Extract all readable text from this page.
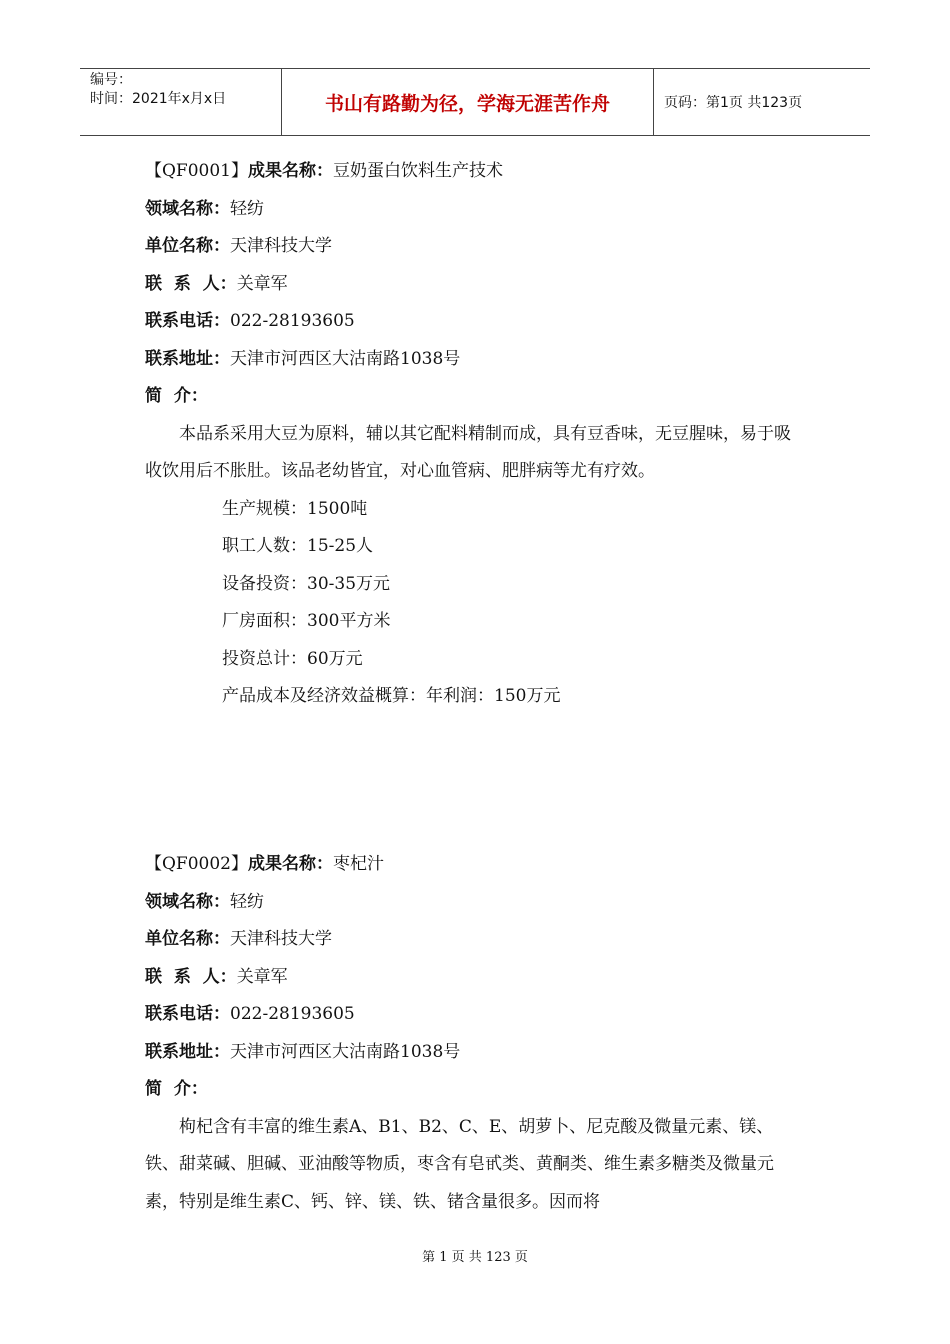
编号：
时间：2021年x月x日	书山有路勤为径，学海无涯苦作舟	页码：第1页 共123页
【QF0001】成果名称：豆奶蛋白饮料生产技术
领域名称：轻纺
单位名称：天津科技大学
联  系  人：关章军
联系电话：022-28193605
联系地址：天津市河西区大沽南路1038号
简  介：

本品系采用大豆为原料，辅以其它配料精制而成，具有豆香味，无豆腥味，易于吸收饮用后不胀肚。该品老幼皆宜，对心血管病、肥胖病等尤有疗效。

生产规模：1500吨
职工人数：15-25人
设备投资：30-35万元
厂房面积：300平方米
投资总计：60万元
产品成本及经济效益概算：年利润：150万元
【QF0002】成果名称：枣杞汁
领域名称：轻纺
单位名称：天津科技大学
联  系  人：关章军
联系电话：022-28193605
联系地址：天津市河西区大沽南路1038号
简  介：

枸杞含有丰富的维生素A、B1、B2、C、E、胡萝卜、尼克酸及微量元素、镁、铁、甜菜碱、胆碱、亚油酸等物质，枣含有皂甙类、黄酮类、维生素多糖类及微量元素，特别是维生素C、钙、锌、镁、铁、锗含量很多。因而将

第 1 页 共 123 页
